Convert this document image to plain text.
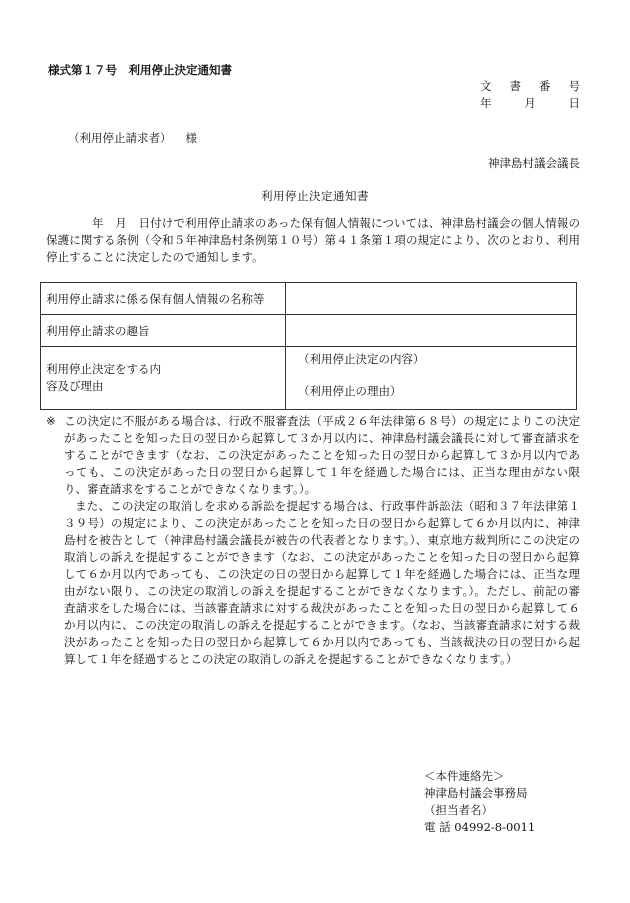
様式第１７号　利用停止決定通知書
文書番号
年月日
（利用停止請求者） 様
神津島村議会議長
利用停止決定通知書

年　月　日付けで利用停止請求のあった保有個人情報については、神津島村議会の個人情報の保護に関する条例（令和５年神津島村条例第１０号）第４１条第１項の規定により、次のとおり、利用停止することに決定したので通知します。

利用停止請求に係る保有個人情報の名称等	
利用停止請求の趣旨	

利用停止決定をする内容及び理由	（利用停止決定の内容）
（利用停止の理由）

※ この決定に不服がある場合は、行政不服審査法（平成２６年法律第６８号）の規定によりこの決定があったことを知った日の翌日から起算して３か月以内に、神津島村議会議長に対して審査請求をすることができます（なお、この決定があったことを知った日の翌日から起算して３か月以内であっても、この決定があった日の翌日から起算して１年を経過した場合には、正当な理由がない限り、審査請求をすることができなくなります。）。

また、この決定の取消しを求める訴訟を提起する場合は、行政事件訴訟法（昭和３７年法律第１３９号）の規定により、この決定があったことを知った日の翌日から起算して６か月以内に、神津島村を被告として（神津島村議会議長が被告の代表者となります。）、東京地方裁判所にこの決定の取消しの訴えを提起することができます（なお、この決定があったことを知った日の翌日から起算して６か月以内であっても、この決定の日の翌日から起算して１年を経過した場合には、正当な理由がない限り、この決定の取消しの訴えを提起することができなくなります。）。ただし、前記の審査請求をした場合には、当該審査請求に対する裁決があったことを知った日の翌日から起算して６か月以内に、この決定の取消しの訴えを提起することができます。（なお、当該審査請求に対する裁決があったことを知った日の翌日から起算して６か月以内であっても、当該裁決の日の翌日から起算して１年を経過するとこの決定の取消しの訴えを提起することができなくなります。）

＜本件連絡先＞
神津島村議会事務局
（担当者名）
電 話 04992-8-0011
